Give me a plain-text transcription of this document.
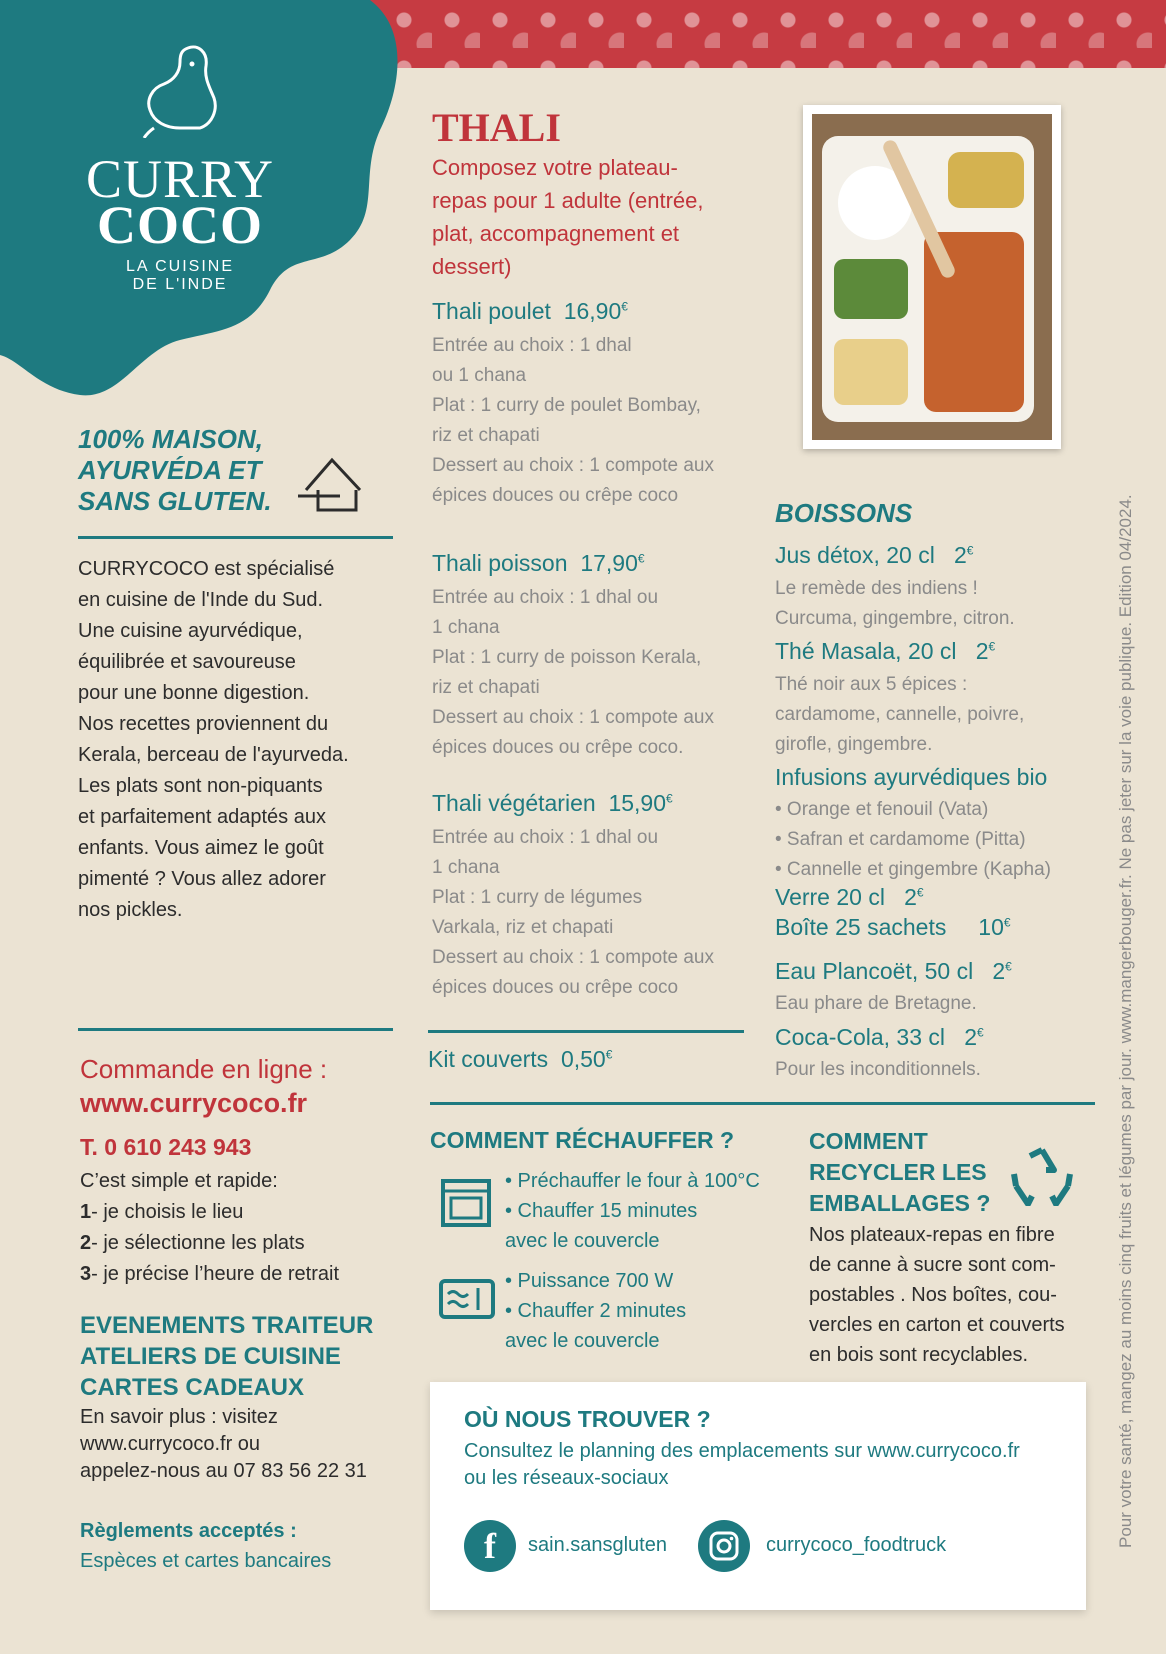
CURRY
COCO
LA CUISINE
DE L'INDE
100% MAISON,
AYURVÉDA ET
SANS GLUTEN.
CURRYCOCO est spécialisé
en cuisine de l'Inde du Sud.
Une cuisine ayurvédique,
équilibrée et savoureuse
pour une bonne digestion.
Nos recettes proviennent du
Kerala, berceau de l'ayurveda.
Les plats sont non-piquants
et parfaitement adaptés aux
enfants. Vous aimez le goût
pimenté ? Vous allez adorer
nos pickles.
Commande en ligne :
www.currycoco.fr
T. 0 610 243 943
C’est simple et rapide:
1- je choisis le lieu
2- je sélectionne les plats
3- je précise l’heure de retrait
EVENEMENTS TRAITEUR
ATELIERS DE CUISINE
CARTES CADEAUX
En savoir plus : visitez
www.currycoco.fr ou
appelez-nous au 07 83 56 22 31
Règlements acceptés :
Espèces et cartes bancaires
THALI
Composez votre plateau-
repas pour 1 adulte (entrée,
plat, accompagnement et
dessert)
Thali poulet 16,90€
Entrée au choix : 1 dhal
ou 1 chana
Plat : 1 curry de poulet Bombay,
riz et chapati
Dessert au choix : 1 compote aux
épices douces ou crêpe coco
Thali poisson 17,90€
Entrée au choix : 1 dhal ou
1 chana
Plat : 1 curry de poisson Kerala,
riz et chapati
Dessert au choix : 1 compote aux
épices douces ou crêpe coco.
Thali végétarien 15,90€
Entrée au choix : 1 dhal ou
1 chana
Plat : 1 curry de légumes
Varkala, riz et chapati
Dessert au choix : 1 compote aux
épices douces ou crêpe coco
Kit couverts 0,50€
BOISSONS
Jus détox, 20 cl 2€
Le remède des indiens !
Curcuma, gingembre, citron.
Thé Masala, 20 cl 2€
Thé noir aux 5 épices :
cardamome, cannelle, poivre,
girofle, gingembre.
Infusions ayurvédiques bio
• Orange et fenouil (Vata)
• Safran et cardamome (Pitta)
• Cannelle et gingembre (Kapha)
Verre 20 cl 2€
Boîte 25 sachets 10€
Eau Plancoët, 50 cl 2€
Eau phare de Bretagne.
Coca-Cola, 33 cl 2€
Pour les inconditionnels.
COMMENT RÉCHAUFFER ?
• Préchauffer le four à 100°C
• Chauffer 15 minutes
avec le couvercle
• Puissance 700 W
• Chauffer 2 minutes
avec le couvercle
COMMENT
RECYCLER LES
EMBALLAGES ?
Nos plateaux-repas en fibre
de canne à sucre sont com-
postables . Nos boîtes, cou-
vercles en carton et couverts
en bois sont recyclables.
OÙ NOUS TROUVER ?
Consultez le planning des emplacements sur www.currycoco.fr
ou les réseaux-sociaux
f	sain.sansgluten	currycoco_foodtruck	Pour votre santé, mangez au moins cinq fruits et légumes par jour. www.mangerbouger.fr. Ne pas jeter sur la voie publique. Edition 04/2024.
